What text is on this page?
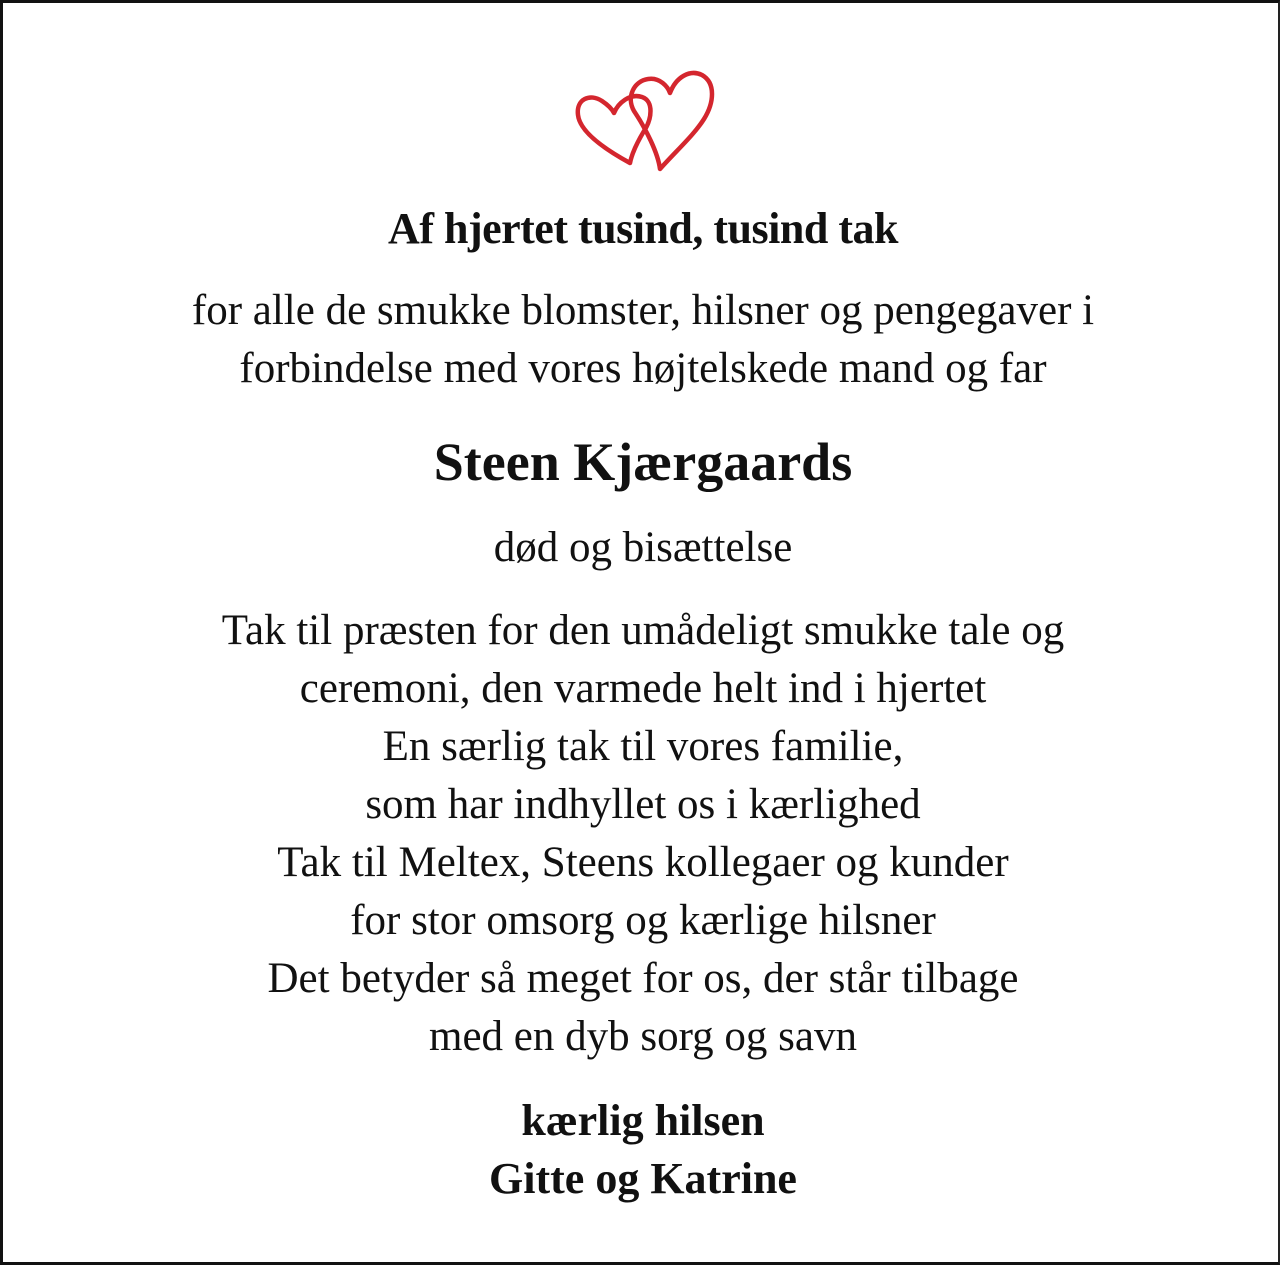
Af hjertet tusind, tusind tak
for alle de smukke blomster, hilsner og pengegaver i
forbindelse med vores højtelskede mand og far
Steen Kjærgaards
død og bisættelse
Tak til præsten for den umådeligt smukke tale og
ceremoni, den varmede helt ind i hjertet
En særlig tak til vores familie,
som har indhyllet os i kærlighed
Tak til Meltex, Steens kollegaer og kunder
for stor omsorg og kærlige hilsner
Det betyder så meget for os, der står tilbage
med en dyb sorg og savn
kærlig hilsen
Gitte og Katrine
